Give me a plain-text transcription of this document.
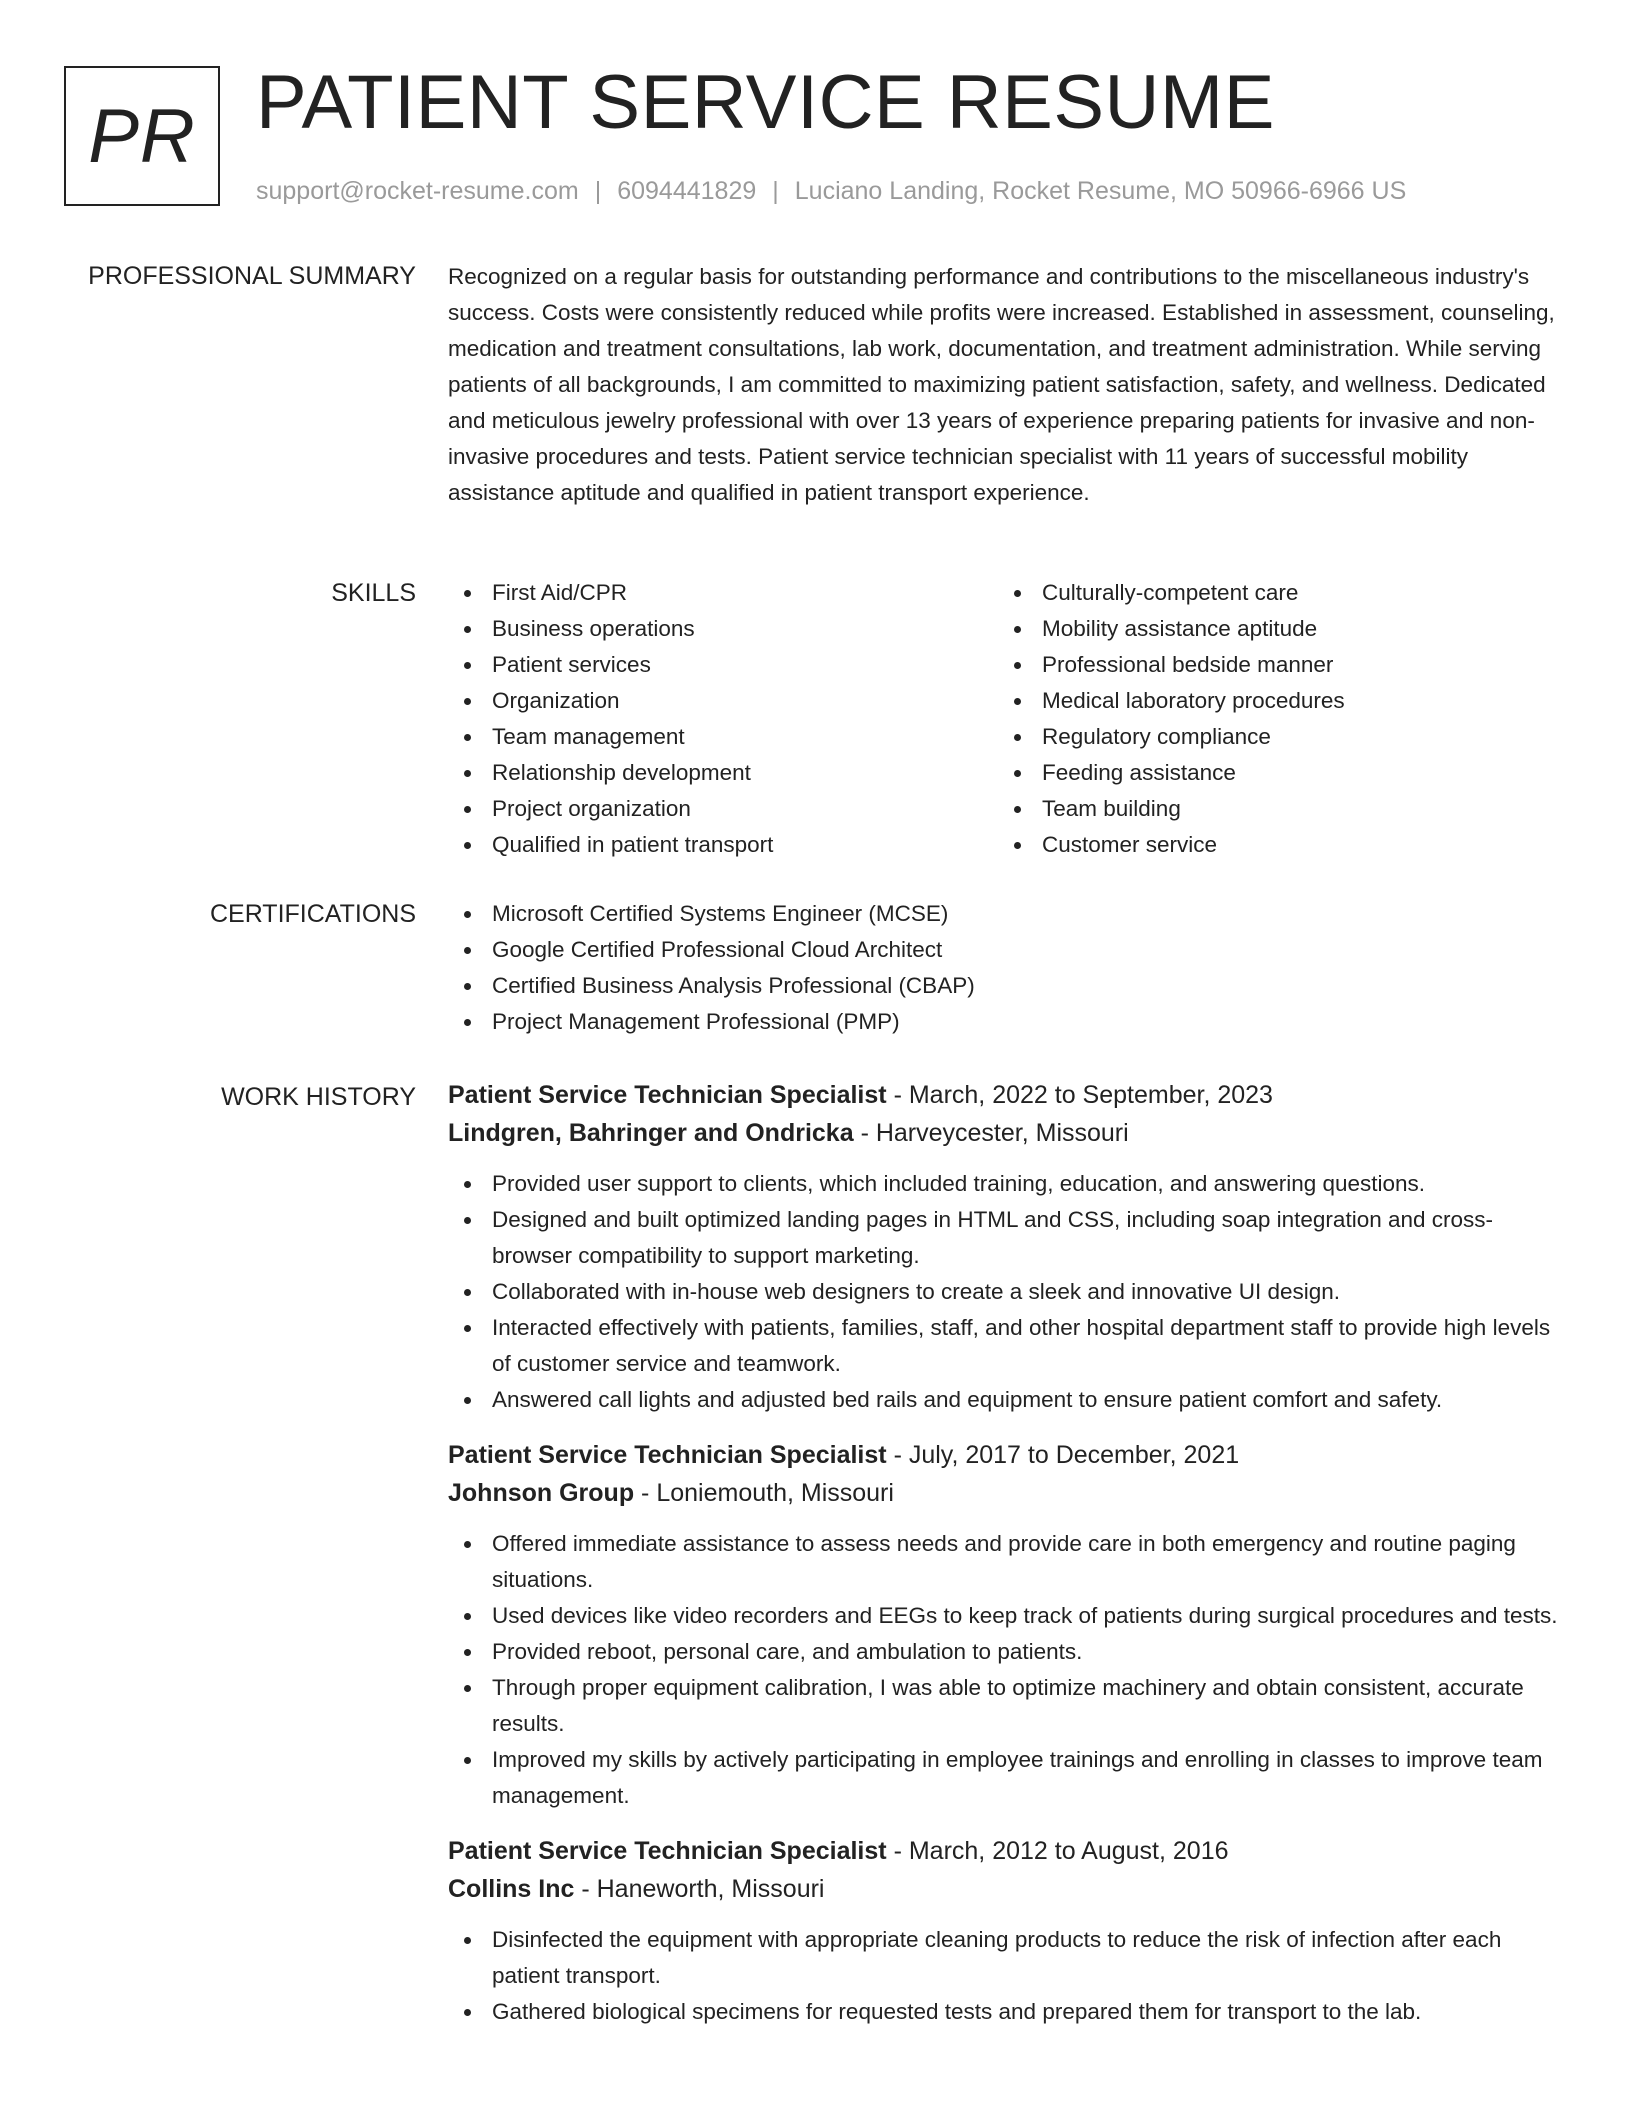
PR PATIENT SERVICE RESUME
support@rocket-resume.com | 6094441829 | Luciano Landing, Rocket Resume, MO 50966-6966 US
PROFESSIONAL SUMMARY Recognized on a regular basis for outstanding performance and contributions to the miscellaneous industry's success. Costs were consistently reduced while profits were increased. Established in assessment, counseling, medication and treatment consultations, lab work, documentation, and treatment administration. While serving patients of all backgrounds, I am committed to maximizing patient satisfaction, safety, and wellness. Dedicated and meticulous jewelry professional with over 13 years of experience preparing patients for invasive and non-invasive procedures and tests. Patient service technician specialist with 11 years of successful mobility assistance aptitude and qualified in patient transport experience.

SKILLS	First Aid/CPR
Business operations
Patient services
Organization
Team management
Relationship development
Project organization
Qualified in patient transport
Culturally-competent care
Mobility assistance aptitude
Professional bedside manner
Medical laboratory procedures
Regulatory compliance
Feeding assistance
Team building
Customer service
CERTIFICATIONS	Microsoft Certified Systems Engineer (MCSE)
Google Certified Professional Cloud Architect
Certified Business Analysis Professional (CBAP)
Project Management Professional (PMP)
WORK HISTORY Patient Service Technician Specialist - March, 2022 to September, 2023
Lindgren, Bahringer and Ondricka - Harveycester, Missouri
Provided user support to clients, which included training, education, and answering questions.
Designed and built optimized landing pages in HTML and CSS, including soap integration and cross-browser compatibility to support marketing.
Collaborated with in-house web designers to create a sleek and innovative UI design.
Interacted effectively with patients, families, staff, and other hospital department staff to provide high levels of customer service and teamwork.
Answered call lights and adjusted bed rails and equipment to ensure patient comfort and safety.
Patient Service Technician Specialist - July, 2017 to December, 2021
Johnson Group - Loniemouth, Missouri
Offered immediate assistance to assess needs and provide care in both emergency and routine paging situations.
Used devices like video recorders and EEGs to keep track of patients during surgical procedures and tests.
Provided reboot, personal care, and ambulation to patients.
Through proper equipment calibration, I was able to optimize machinery and obtain consistent, accurate results.
Improved my skills by actively participating in employee trainings and enrolling in classes to improve team management.
Patient Service Technician Specialist - March, 2012 to August, 2016
Collins Inc - Haneworth, Missouri
Disinfected the equipment with appropriate cleaning products to reduce the risk of infection after each patient transport.
Gathered biological specimens for requested tests and prepared them for transport to the lab.
